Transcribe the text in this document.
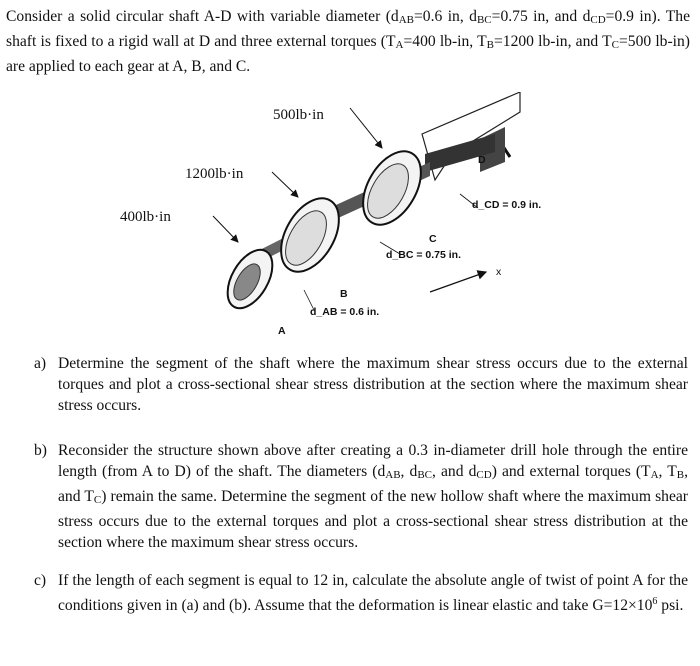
Consider a solid circular shaft A-D with variable diameter (dAB=0.6 in, dBC=0.75 in, and dCD=0.9 in). The shaft is fixed to a rigid wall at D and three external torques (TA=400 lb-in, TB=1200 lb-in, and TC=500 lb-in) are applied to each gear at A, B, and C.

500lb·in
1200lb·in
400lb·in
D
C
B
A
x
d_CD = 0.9 in.
d_BC = 0.75 in.
d_AB = 0.6 in.
a) Determine the segment of the shaft where the maximum shear stress occurs due to the external torques and plot a cross-sectional shear stress distribution at the section where the maximum shear stress occurs.
b) Reconsider the structure shown above after creating a 0.3 in-diameter drill hole through the entire length (from A to D) of the shaft. The diameters (dAB, dBC, and dCD) and external torques (TA, TB, and TC) remain the same. Determine the segment of the new hollow shaft where the maximum shear stress occurs due to the external torques and plot a cross-sectional shear stress distribution at the section where the maximum shear stress occurs.
c) If the length of each segment is equal to 12 in, calculate the absolute angle of twist of point A for the conditions given in (a) and (b). Assume that the deformation is linear elastic and take $G=12\times 10^6$ psi.
